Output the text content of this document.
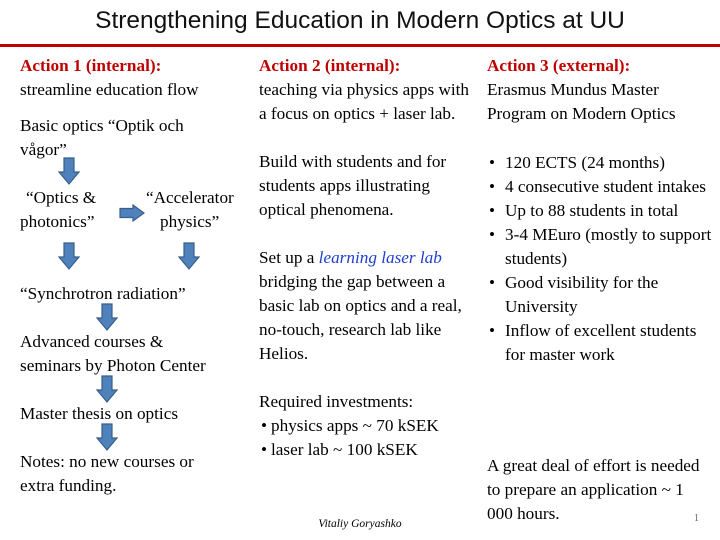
Strengthening Education in Modern Optics at UU
Action 1 (internal):
streamline education flow
Basic optics “Optik och
vågor”
“Optics &
photonics”
“Accelerator
physics”
“Synchrotron radiation”
Advanced courses &
seminars by Photon Center
Master thesis on optics
Notes: no new courses or
extra funding.

Action 2 (internal):

teaching via physics apps with a focus on optics + laser lab.

Build with students and for students apps illustrating optical phenomena.

Set up a learning laser lab bridging the gap between a basic lab on optics and a real, no-touch, research lab like Helios.

Required investments:

• physics apps ~ 70 kSEK
• laser lab ~ 100 kSEK

Action 3 (external):

Erasmus Mundus Master Program on Modern Optics

• 120 ECTS (24 months)
• 4 consecutive student intakes
• Up to 88 students in total
• 3-4 MEuro (mostly to support students)
• Good visibility for the University
• Inflow of excellent students for master work
A great deal of effort is needed to prepare an application ~ 1 000 hours.
Vitaliy Goryashko	1
